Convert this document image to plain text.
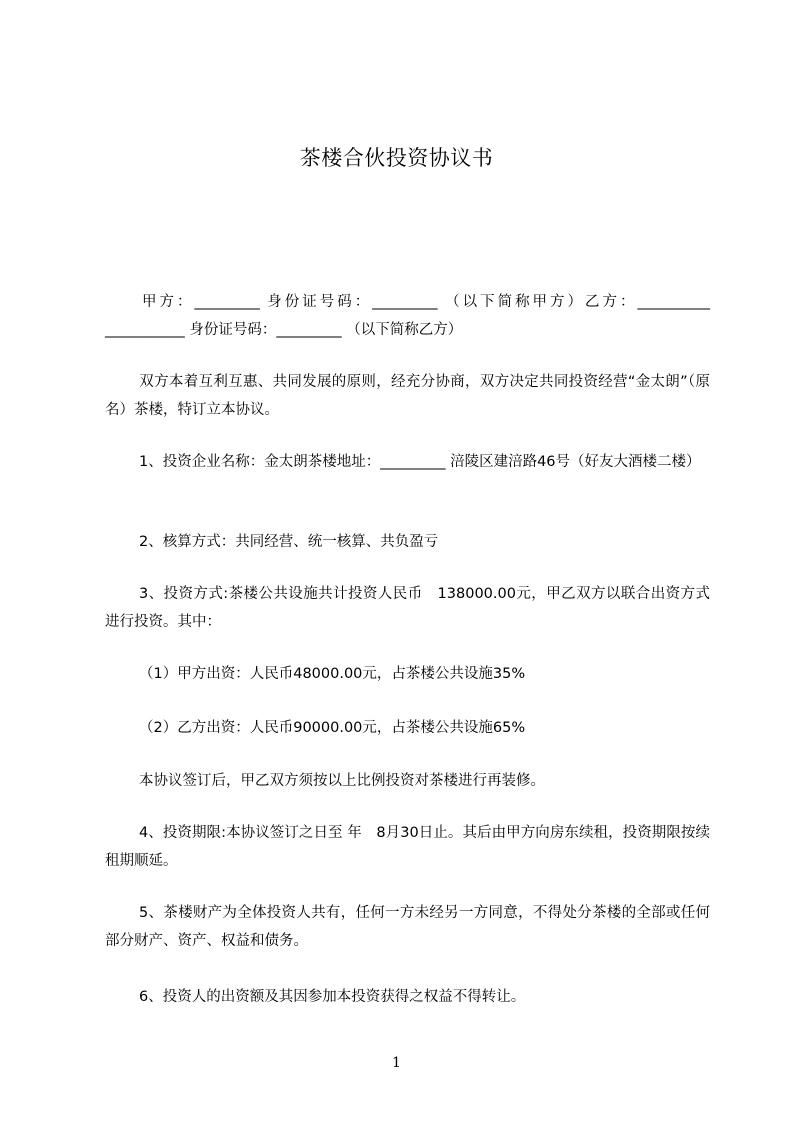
茶楼合伙投资协议书
甲方：_________ 身份证号码：_________ （以下简称甲方）乙方：__________ ___________ 身份证号码：_________ （以下简称乙方）
双方本着互利互惠、共同发展的原则，经充分协商，双方决定共同投资经营“金太朗”（原名）茶楼，特订立本协议。
1、投资企业名称：金太朗茶楼地址：_________ 涪陵区建涪路46号（好友大酒楼二楼）
2、核算方式：共同经营、统一核算、共负盈亏
3、投资方式:茶楼公共设施共计投资人民币　138000.00元，甲乙双方以联合出资方式进行投资。其中：
（1）甲方出资：人民币48000.00元，占茶楼公共设施35%
（2）乙方出资：人民币90000.00元，占茶楼公共设施65%
本协议签订后，甲乙双方须按以上比例投资对茶楼进行再装修。
4、投资期限:本协议签订之日至 年　8月30日止。其后由甲方向房东续租，投资期限按续租期顺延。
5、茶楼财产为全体投资人共有，任何一方未经另一方同意，不得处分茶楼的全部或任何部分财产、资产、权益和债务。
6、投资人的出资额及其因参加本投资获得之权益不得转让。
1
